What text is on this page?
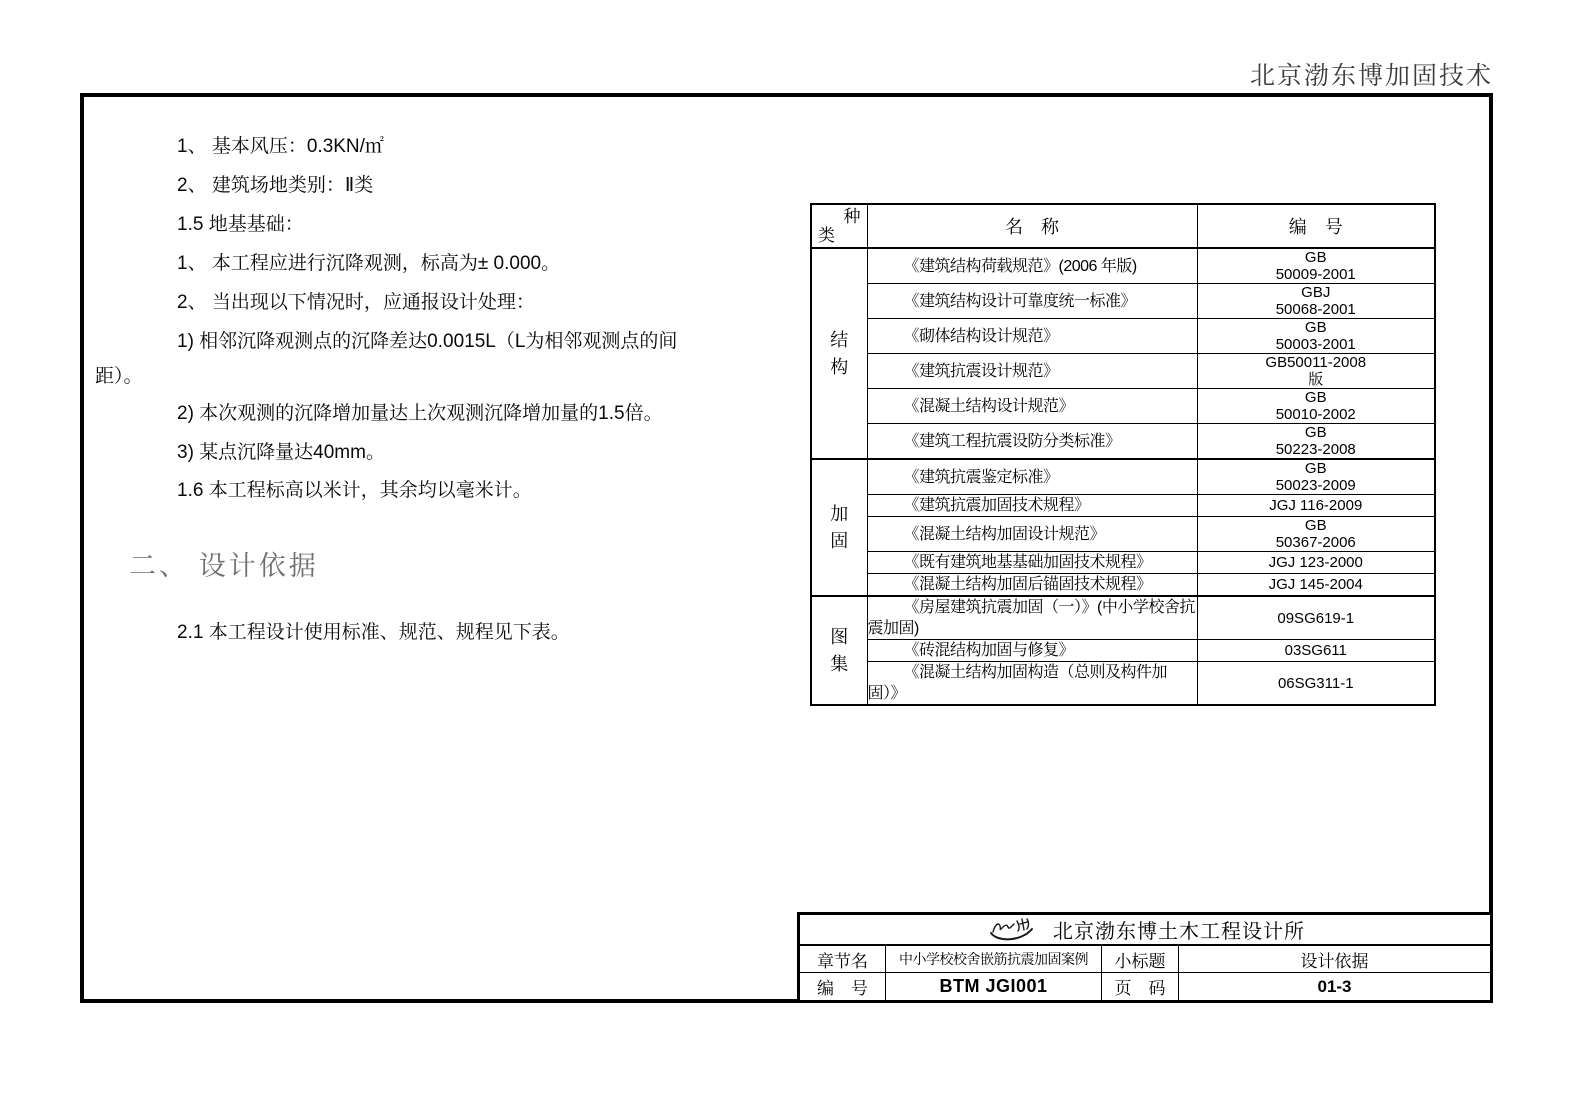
北京渤东博加固技术
1、 基本风压：0.3KN/㎡
2、 建筑场地类别：Ⅱ类
1.5 地基基础：
1、 本工程应进行沉降观测，标高为± 0.000。
2、 当出现以下情况时，应通报设计处理：
1) 相邻沉降观测点的沉降差达0.0015L（L为相邻观测点的间
距）。
2) 本次观测的沉降增加量达上次观测沉降增加量的1.5倍。
3) 某点沉降量达40mm。
1.6 本工程标高以米计，其余均以毫米计。
二、 设计依据
2.1 本工程设计使用标准、规范、规程见下表。
种
类	名　称	编　号

结
构
	《建筑结构荷载规范》(2006 年版)	GB
50009-2001

	《建筑结构设计可靠度统一标准》	GBJ
50068-2001

	《砌体结构设计规范》	GB
50003-2001

	《建筑抗震设计规范》	GB50011-2008
版

	《混凝土结构设计规范》	GB
50010-2002

	《建筑工程抗震设防分类标准》	GB
50223-2008

加
固
	《建筑抗震鉴定标准》	GB
50023-2009

	《建筑抗震加固技术规程》	JGJ 116-2009

	《混凝土结构加固设计规范》	GB
50367-2006

	《既有建筑地基基础加固技术规程》	JGJ 123-2000

	《混凝土结构加固后锚固技术规程》	JGJ 145-2004

图
集	《房屋建筑抗震加固（一）》(中小学校舍抗震加固)	09SG619-1

	《砖混结构加固与修复》	03SG611

	《混凝土结构加固构造（总则及构件加固）》	06SG311-1
北京渤东博土木工程设计所
章节名	中小学校校舍嵌筋抗震加固案例	小标题	设计依据
编　号	BTM JGI001	页　码	01-3
